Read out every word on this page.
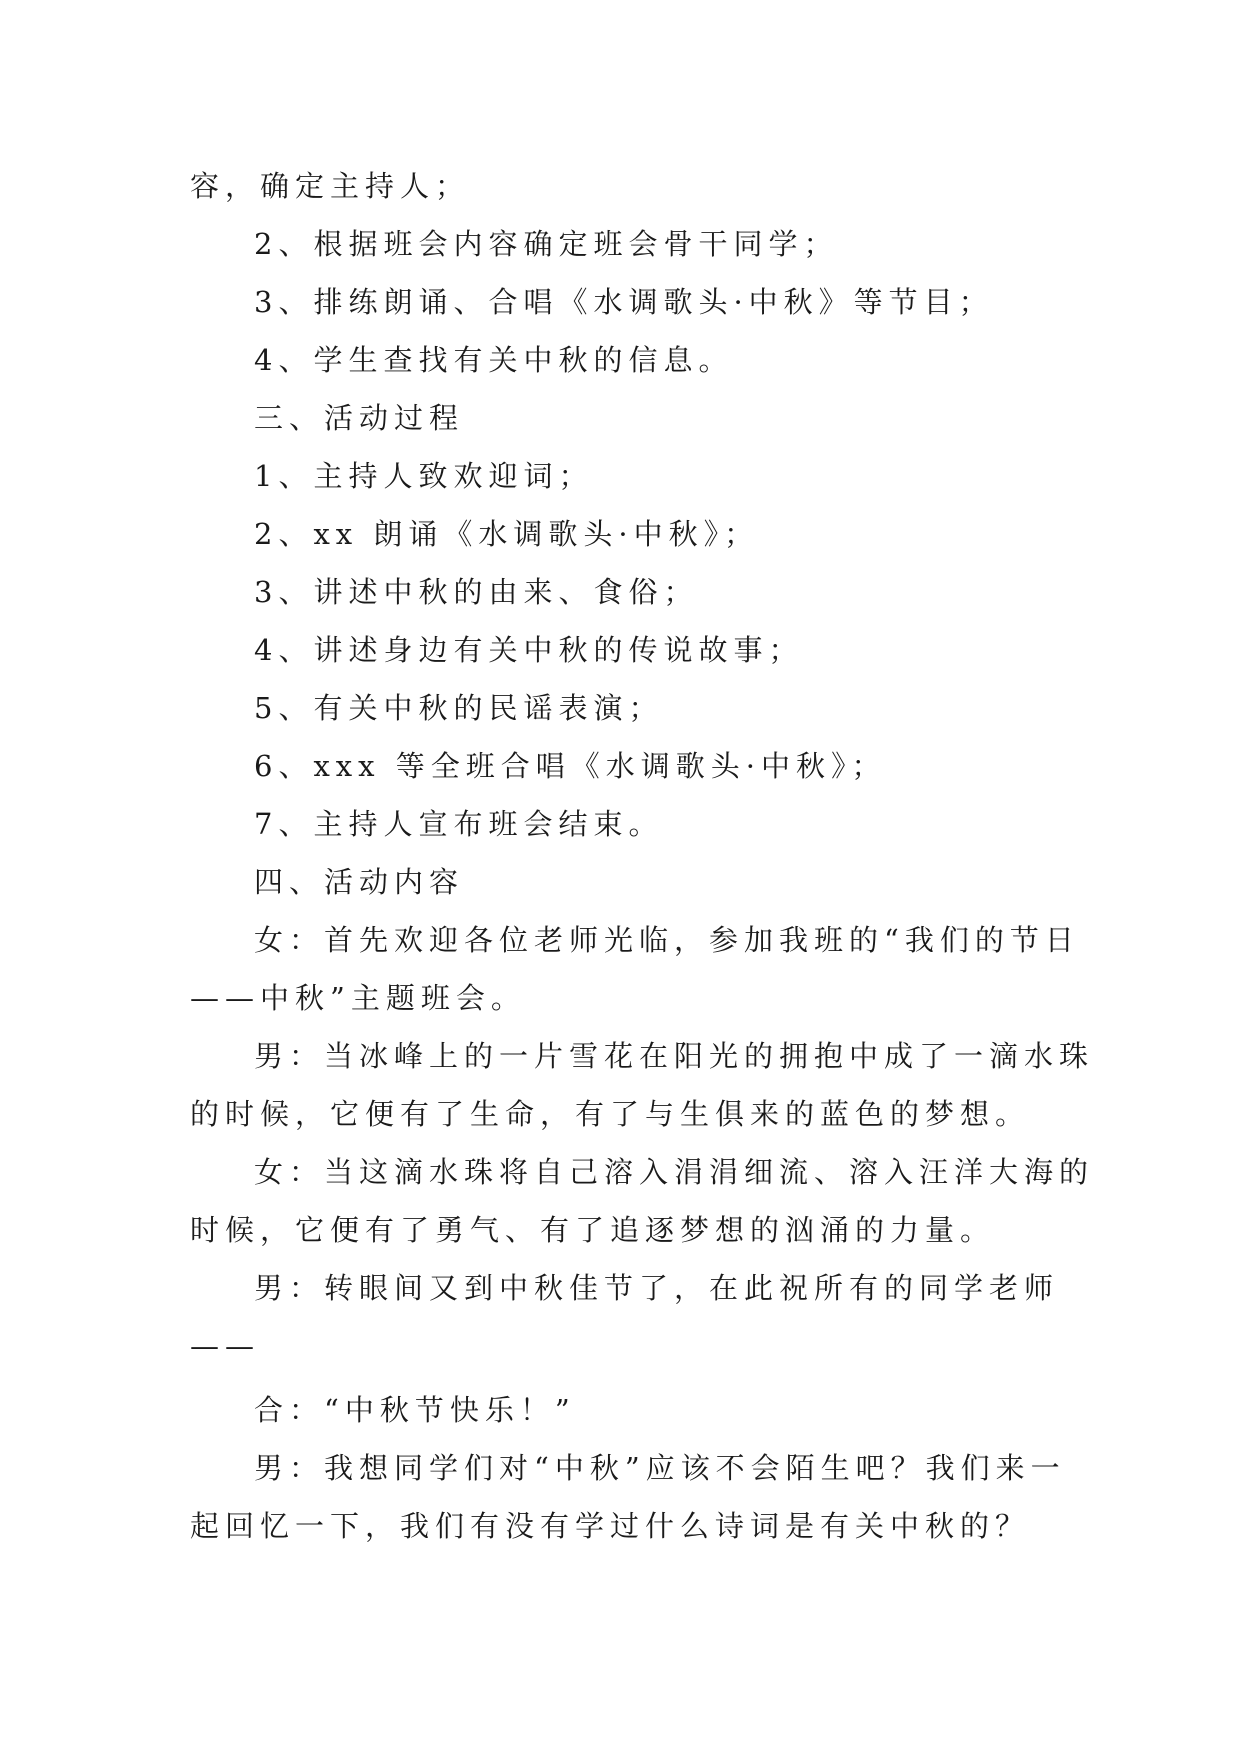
容，确定主持人；
2、根据班会内容确定班会骨干同学；
3、排练朗诵、合唱《水调歌头·中秋》等节目；
4、学生查找有关中秋的信息。
三、活动过程
1、主持人致欢迎词；
2、xx 朗诵《水调歌头·中秋》；
3、讲述中秋的由来、食俗；
4、讲述身边有关中秋的传说故事；
5、有关中秋的民谣表演；
6、xxx 等全班合唱《水调歌头·中秋》；
7、主持人宣布班会结束。
四、活动内容
女：首先欢迎各位老师光临，参加我班的“我们的节日
——中秋”主题班会。
男：当冰峰上的一片雪花在阳光的拥抱中成了一滴水珠
的时候，它便有了生命，有了与生俱来的蓝色的梦想。
女：当这滴水珠将自己溶入涓涓细流、溶入汪洋大海的
时候，它便有了勇气、有了追逐梦想的汹涌的力量。
男：转眼间又到中秋佳节了，在此祝所有的同学老师
——
合：“中秋节快乐！”
男：我想同学们对“中秋”应该不会陌生吧？我们来一
起回忆一下，我们有没有学过什么诗词是有关中秋的？
